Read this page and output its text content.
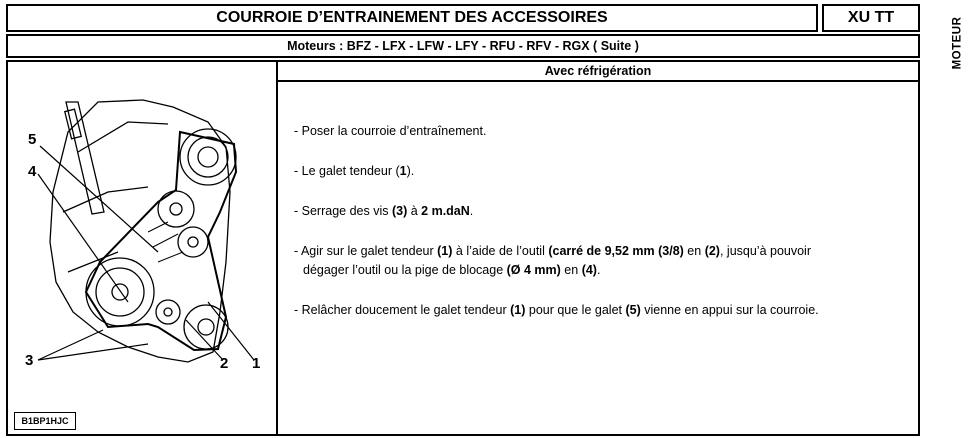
COURROIE D’ENTRAINEMENT DES ACCESSOIRES	XU TT
Moteurs : BFZ - LFX - LFW - LFY - RFU - RFV - RGX ( Suite )
Avec réfrigération
5
4
3	2 1
B1BP1HJC

- Poser la courroie d’entraînement.

- Le galet tendeur (1).

- Serrage des vis (3) à 2 m.daN.

- Agir sur le galet tendeur (1) à l’aide de l’outil (carré de 9,52 mm (3/8) en (2), jusqu’à pouvoir
dégager l’outil ou la pige de blocage (Ø 4 mm) en (4).

- Relâcher doucement le galet tendeur (1) pour que le galet (5) vienne en appui sur la courroie.

MOTEUR
